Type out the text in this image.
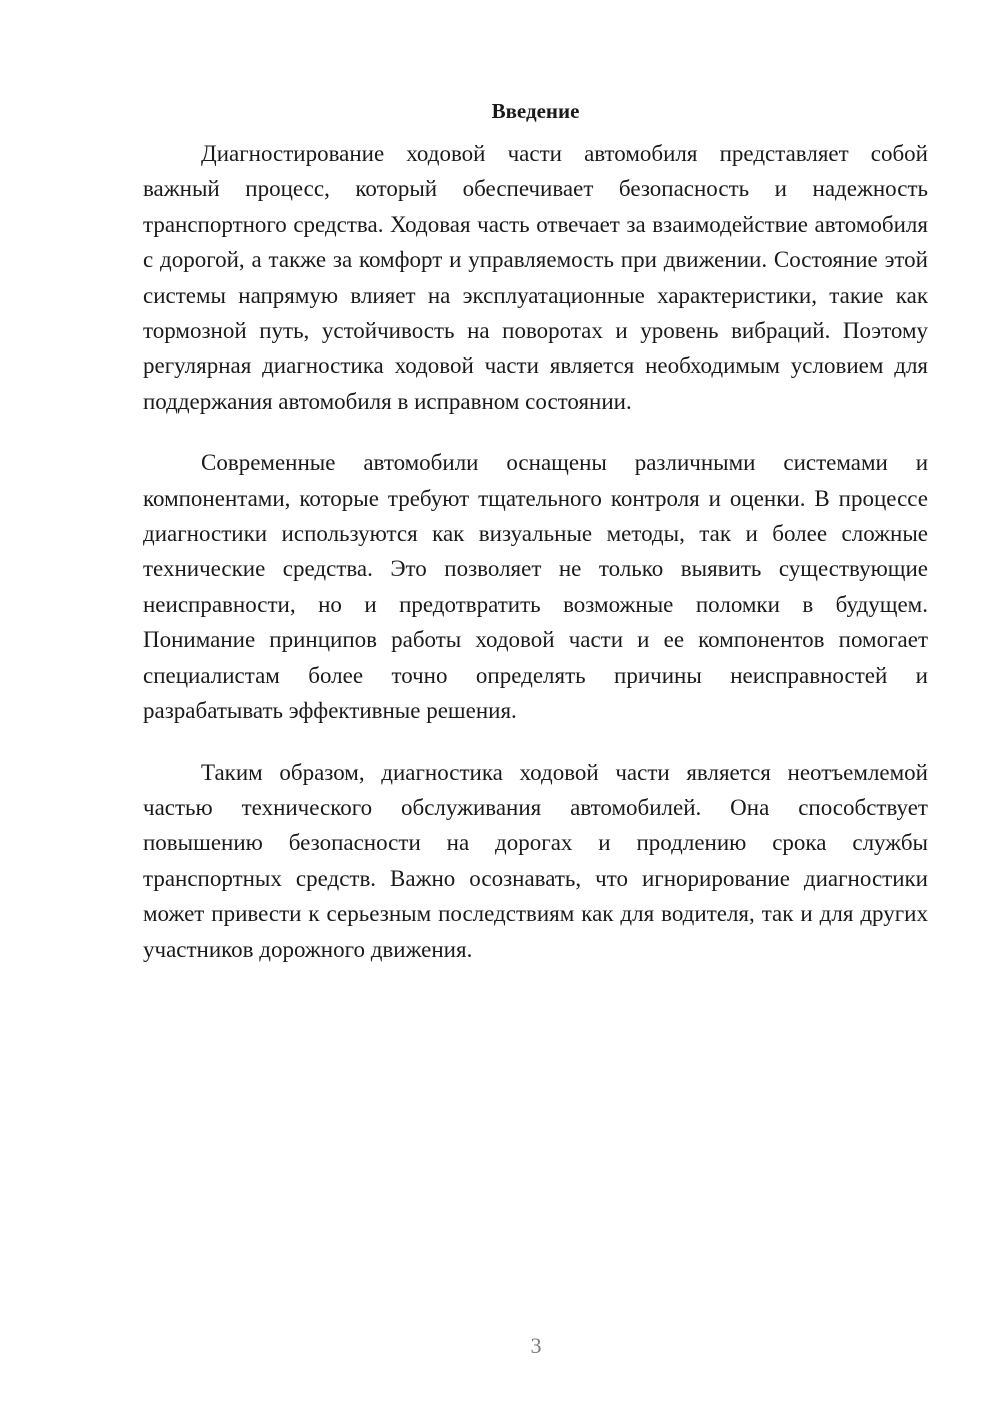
Введение

Диагностирование ходовой части автомобиля представляет собой важный процесс, который обеспечивает безопасность и надежность транспортного средства. Ходовая часть отвечает за взаимодействие автомобиля с дорогой, а также за комфорт и управляемость при движении. Состояние этой системы напрямую влияет на эксплуатационные характеристики, такие как тормозной путь, устойчивость на поворотах и уровень вибраций. Поэтому регулярная диагностика ходовой части является необходимым условием для поддержания автомобиля в исправном состоянии.

Современные автомобили оснащены различными системами и компонентами, которые требуют тщательного контроля и оценки. В процессе диагностики используются как визуальные методы, так и более сложные технические средства. Это позволяет не только выявить существующие неисправности, но и предотвратить возможные поломки в будущем. Понимание принципов работы ходовой части и ее компонентов помогает специалистам более точно определять причины неисправностей и разрабатывать эффективные решения.

Таким образом, диагностика ходовой части является неотъемлемой частью технического обслуживания автомобилей. Она способствует повышению безопасности на дорогах и продлению срока службы транспортных средств. Важно осознавать, что игнорирование диагностики может привести к серьезным последствиям как для водителя, так и для других участников дорожного движения.

3
